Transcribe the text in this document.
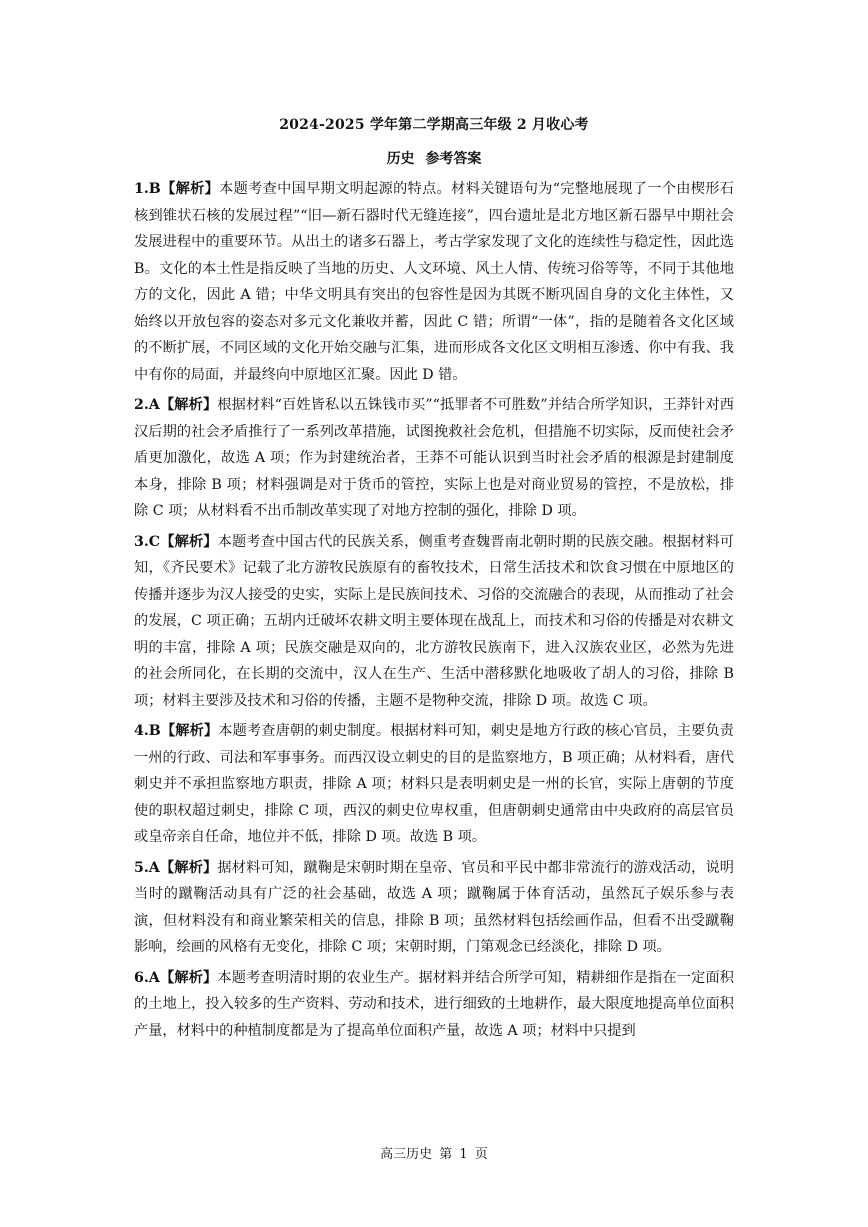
2024-2025 学年第二学期高三年级 2 月收心考
历史 参考答案

1.B【解析】本题考查中国早期文明起源的特点。材料关键语句为“完整地展现了一个由楔形石核到锥状石核的发展过程”“旧—新石器时代无缝连接”，四台遗址是北方地区新石器早中期社会发展进程中的重要环节。从出土的诸多石器上，考古学家发现了文化的连续性与稳定性，因此选 B。文化的本土性是指反映了当地的历史、人文环境、风土人情、传统习俗等等，不同于其他地方的文化，因此 A 错；中华文明具有突出的包容性是因为其既不断巩固自身的文化主体性，又始终以开放包容的姿态对多元文化兼收并蓄，因此 C 错；所谓“一体”，指的是随着各文化区域的不断扩展，不同区域的文化开始交融与汇集，进而形成各文化区文明相互渗透、你中有我、我中有你的局面，并最终向中原地区汇聚。因此 D 错。

2.A【解析】根据材料“百姓皆私以五铢钱市买”“抵罪者不可胜数”并结合所学知识，王莽针对西汉后期的社会矛盾推行了一系列改革措施，试图挽救社会危机，但措施不切实际，反而使社会矛盾更加激化，故选 A 项；作为封建统治者，王莽不可能认识到当时社会矛盾的根源是封建制度本身，排除 B 项；材料强调是对于货币的管控，实际上也是对商业贸易的管控，不是放松，排除 C 项；从材料看不出币制改革实现了对地方控制的强化，排除 D 项。

3.C【解析】本题考查中国古代的民族关系，侧重考查魏晋南北朝时期的民族交融。根据材料可知，《齐民要术》记载了北方游牧民族原有的畜牧技术，日常生活技术和饮食习惯在中原地区的传播并逐步为汉人接受的史实，实际上是民族间技术、习俗的交流融合的表现，从而推动了社会的发展，C 项正确；五胡内迁破坏农耕文明主要体现在战乱上，而技术和习俗的传播是对农耕文明的丰富，排除 A 项；民族交融是双向的，北方游牧民族南下，进入汉族农业区，必然为先进的社会所同化，在长期的交流中，汉人在生产、生活中潜移默化地吸收了胡人的习俗，排除 B 项；材料主要涉及技术和习俗的传播，主题不是物种交流，排除 D 项。故选 C 项。

4.B【解析】本题考查唐朝的刺史制度。根据材料可知，刺史是地方行政的核心官员，主要负责一州的行政、司法和军事事务。而西汉设立刺史的目的是监察地方，B 项正确；从材料看，唐代刺史并不承担监察地方职责，排除 A 项；材料只是表明刺史是一州的长官，实际上唐朝的节度使的职权超过刺史，排除 C 项，西汉的刺史位卑权重，但唐朝刺史通常由中央政府的高层官员或皇帝亲自任命，地位并不低，排除 D 项。故选 B 项。

5.A【解析】据材料可知，蹴鞠是宋朝时期在皇帝、官员和平民中都非常流行的游戏活动，说明当时的蹴鞠活动具有广泛的社会基础，故选 A 项；蹴鞠属于体育活动，虽然瓦子娱乐参与表演，但材料没有和商业繁荣相关的信息，排除 B 项；虽然材料包括绘画作品，但看不出受蹴鞠影响，绘画的风格有无变化，排除 C 项；宋朝时期，门第观念已经淡化，排除 D 项。

6.A【解析】本题考查明清时期的农业生产。据材料并结合所学可知，精耕细作是指在一定面积的土地上，投入较多的生产资料、劳动和技术，进行细致的土地耕作，最大限度地提高单位面积产量，材料中的种植制度都是为了提高单位面积产量，故选 A 项；材料中只提到

高三历史 第 1 页
